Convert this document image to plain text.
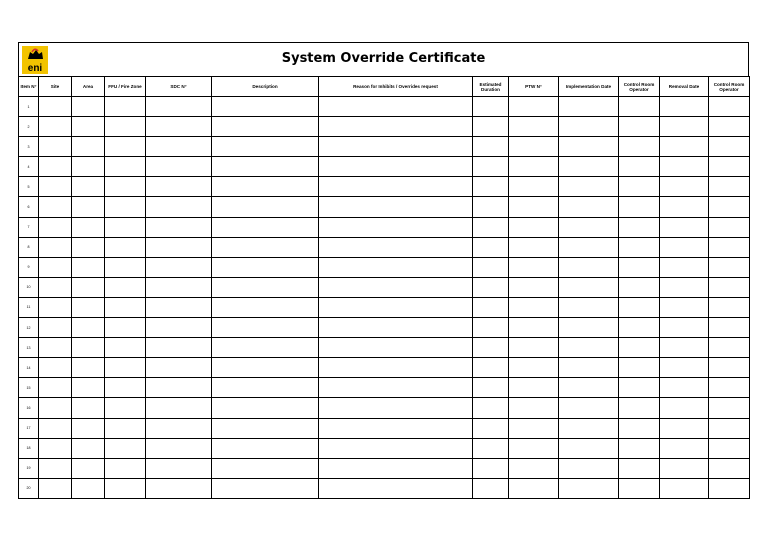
eni
System Override Certificate
Item N°	Site	Area	FFU / Fire Zone	SDC N°	Description	Reason for Inhibits / Overrides request	Estimated Duration	PTW N°	Implementation Date	Control Room Operator	Removal Date	Control Room Operator
1												
2												
3												
4												
5												
6												
7												
8												
9												
10												
11												
12												
13												
14												
15												
16												
17												
18												
19												
20												
